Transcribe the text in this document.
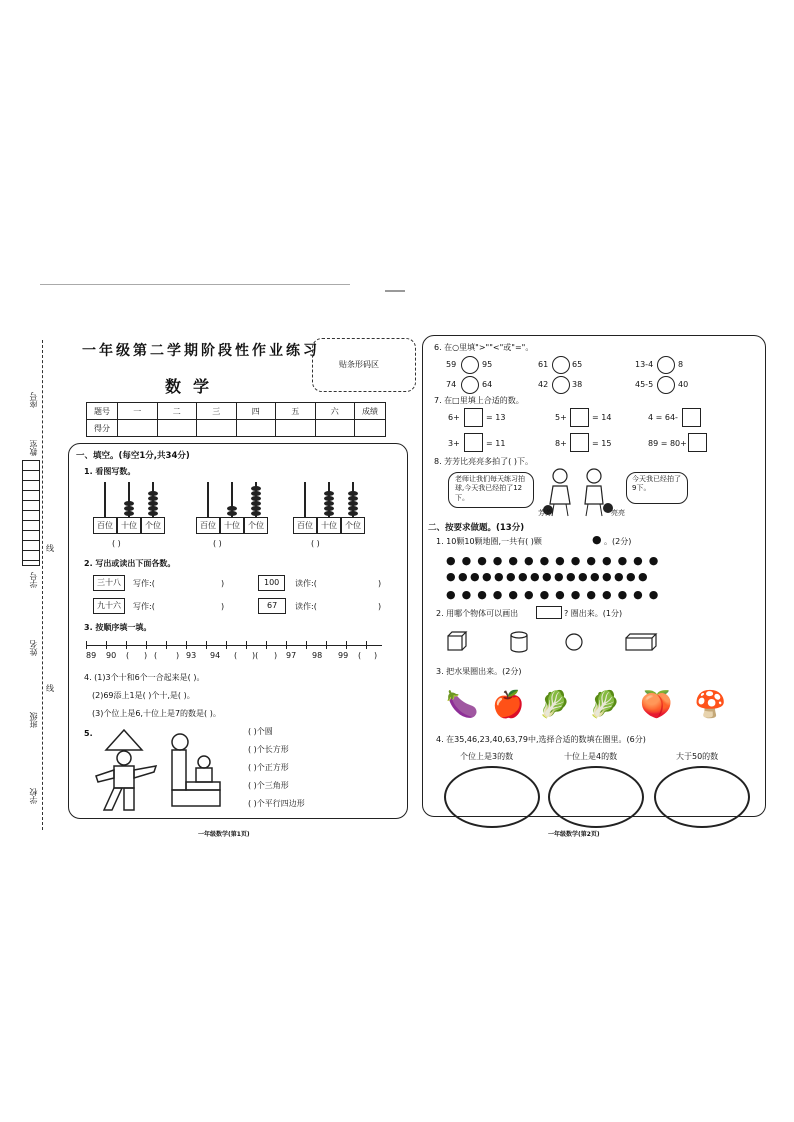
座号
教室
学号
线
姓名
线
班级
学校
一年级第二学期阶段性作业练习
数学
贴条形码区
题号	一	二	三	四	五	六	成绩
得分							
一、填空。(每空1分,共34分)
1. 看图写数。
百位	十位	个位
( )
百位	十位	个位
( )
百位	十位	个位
( )
2. 写出或读出下面各数。
三十八	写作:(	)	100	读作:(	)
九十六	写作:(	)	67	读作:(	)
3. 按顺序填一填。
89 90 ( ) ( ) 93 94 ( )( ) 97 98 99 ( )
4. (1)3个十和6个一合起来是( )。
(2)69添上1是( )个十,是( )。
(3)个位上是6,十位上是7的数是( )。
5.	( )个圆
( )个长方形
( )个正方形
( )个三角形
( )个平行四边形
一年级数学(第1页)
6. 在○里填">""<"或"="。
59	95	61	65	13-4	8
74	64	42	38	45-5	40
7. 在□里填上合适的数。
6+	= 13	5+	= 14	4 = 64-
3+	= 11	8+	= 15	89 = 80+
8. 芳芳比亮亮多拍了( )下。
老师让我们每天练习拍球,今天我已经拍了12下。
芳芳	亮亮
今天我已经拍了9下。
二、按要求做题。(13分)
1. 10颗10颗地圈,一共有( )颗	● 。(2分)
●●●●●●●●●●●●●●
●●●●●●●●●●●●●●●●●
●●●●●●●●●●●●●●
2. 用哪个物体可以画出	? 圈出来。(1分)
3. 把水果圈出来。(2分)
🍆 🍎 🥬 🥬 🍑 🍄
4. 在35,46,23,40,63,79中,选择合适的数填在圈里。(6分)
个位上是3的数	十位上是4的数	大于50的数
一年级数学(第2页)
